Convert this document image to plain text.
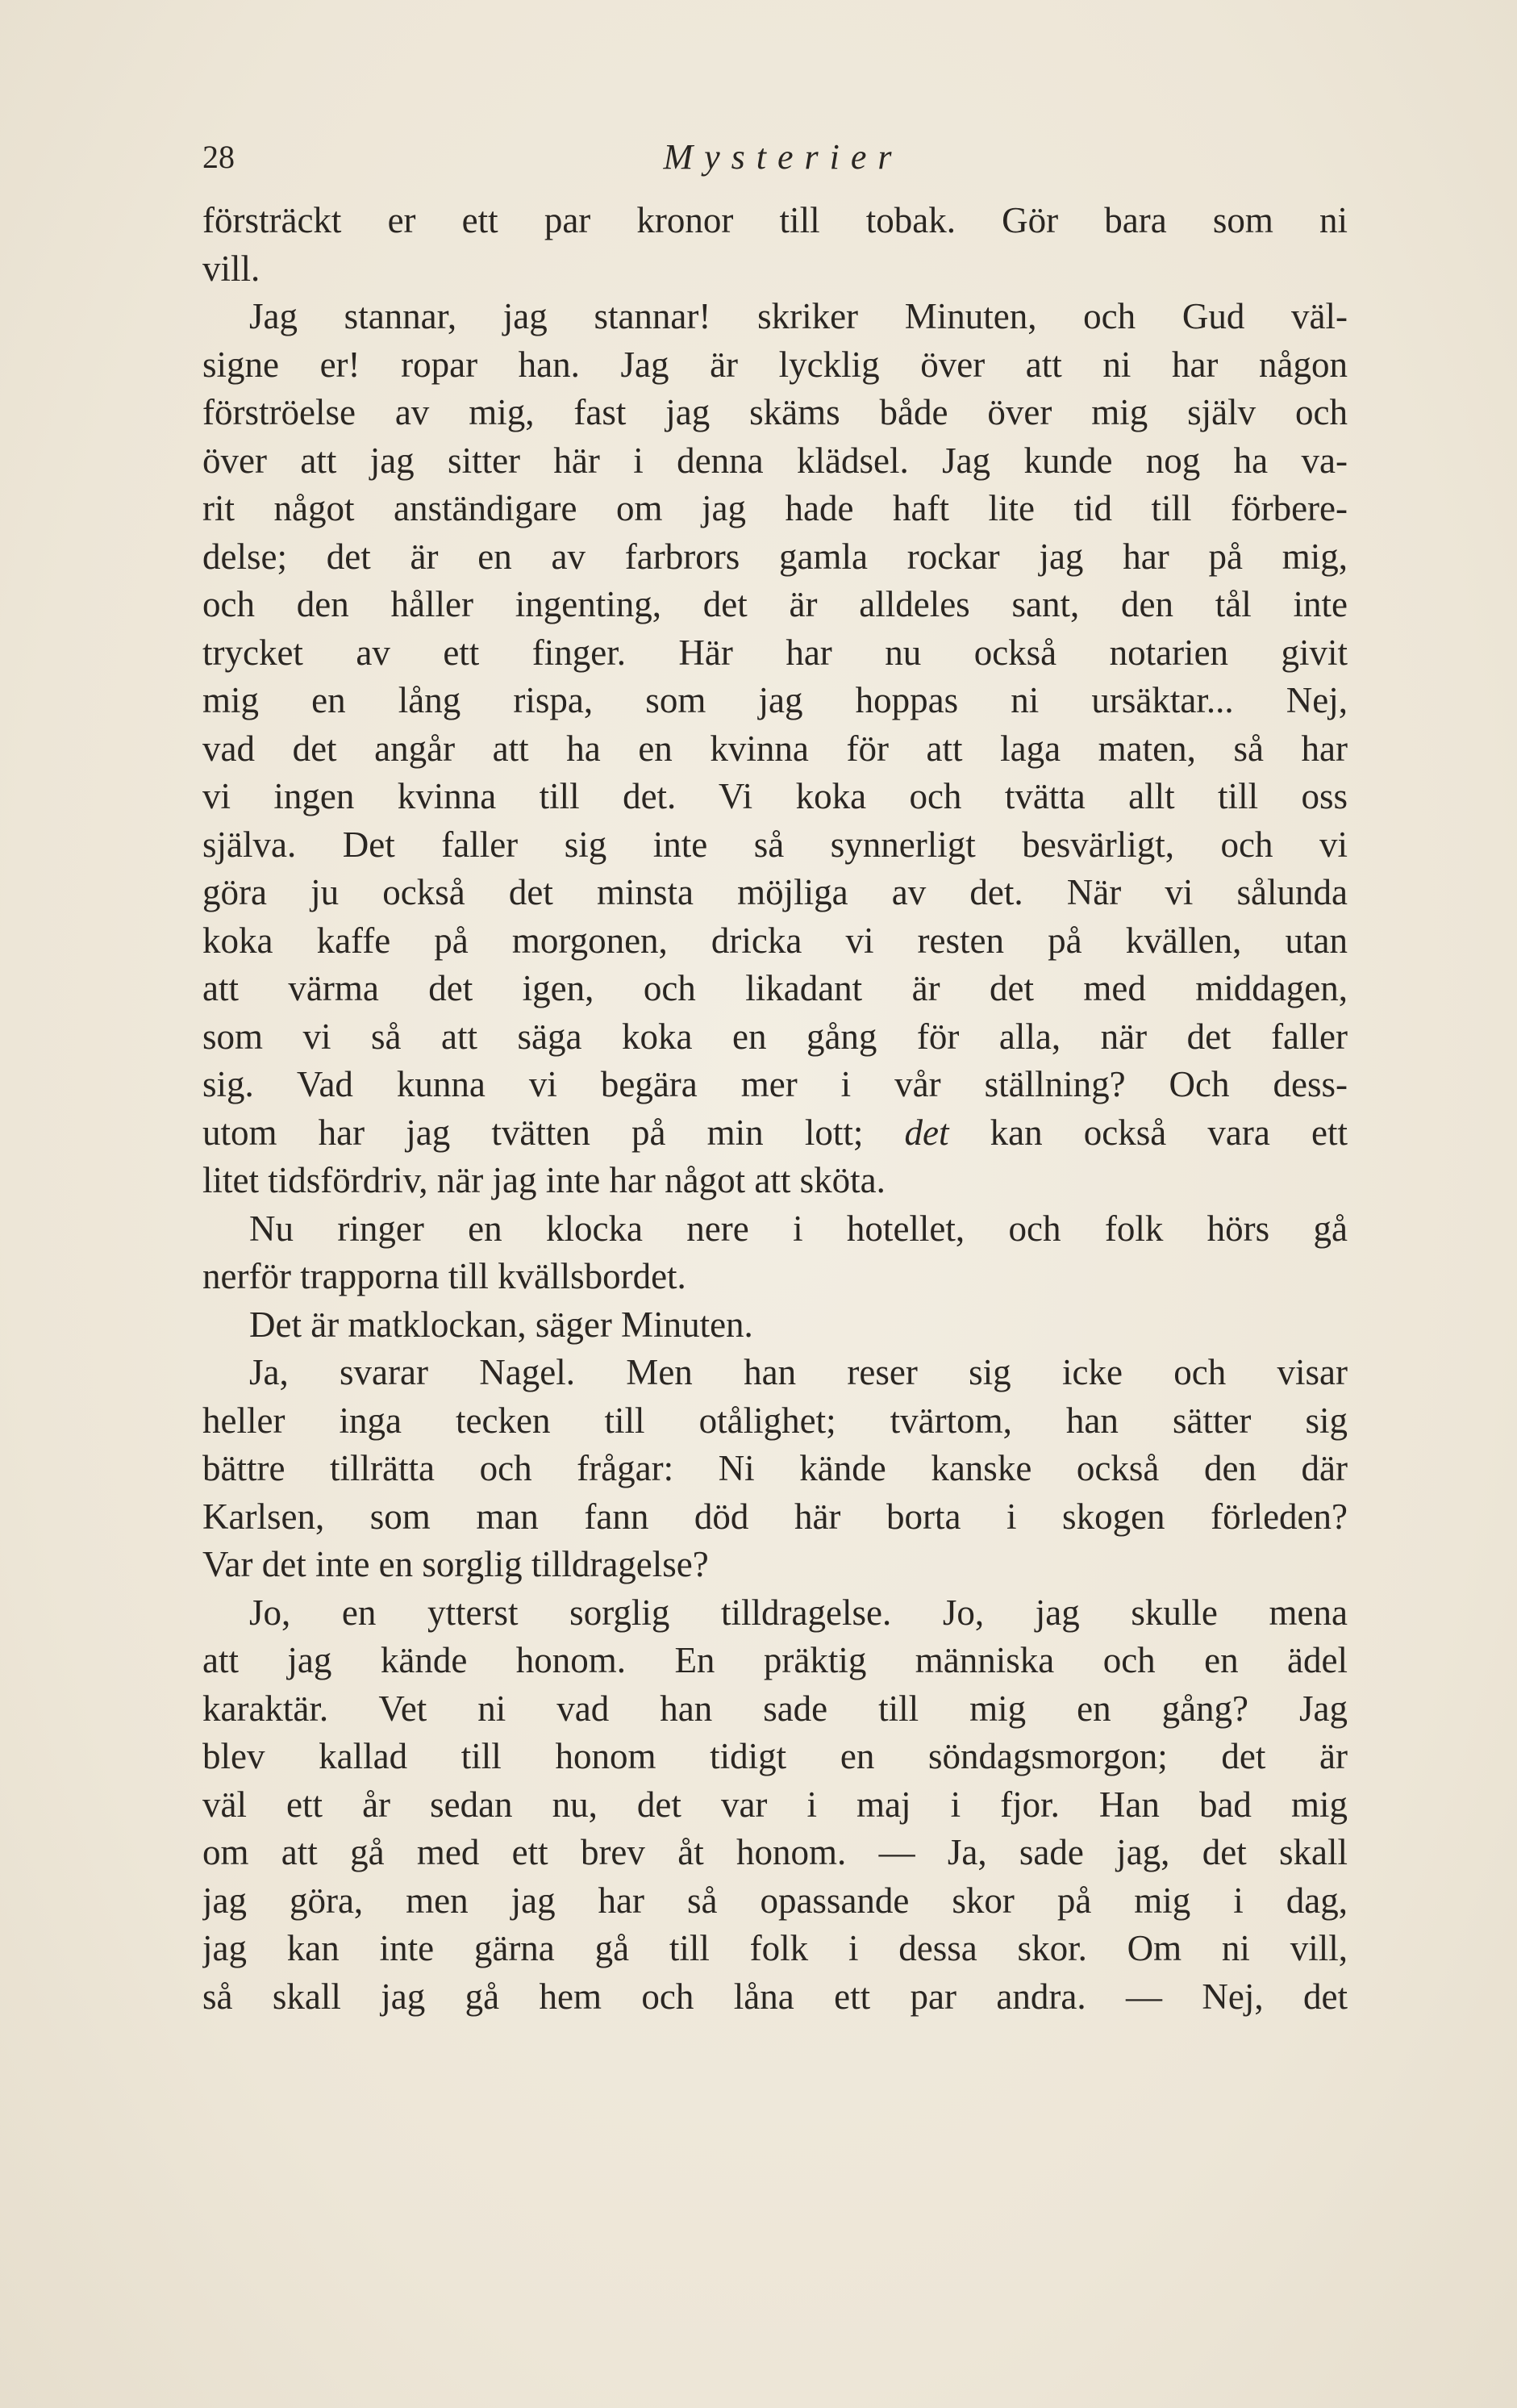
28	Mysterier
försträckt er ett par kronor till tobak. Gör bara som ni
vill.
Jag stannar, jag stannar! skriker Minuten, och Gud väl-
signe er! ropar han. Jag är lycklig över att ni har någon
förströelse av mig, fast jag skäms både över mig själv och
över att jag sitter här i denna klädsel. Jag kunde nog ha va-
rit något anständigare om jag hade haft lite tid till förbere-
delse; det är en av farbrors gamla rockar jag har på mig,
och den håller ingenting, det är alldeles sant, den tål inte
trycket av ett finger. Här har nu också notarien givit
mig en lång rispa, som jag hoppas ni ursäktar... Nej,
vad det angår att ha en kvinna för att laga maten, så har
vi ingen kvinna till det. Vi koka och tvätta allt till oss
själva. Det faller sig inte så synnerligt besvärligt, och vi
göra ju också det minsta möjliga av det. När vi sålunda
koka kaffe på morgonen, dricka vi resten på kvällen, utan
att värma det igen, och likadant är det med middagen,
som vi så att säga koka en gång för alla, när det faller
sig. Vad kunna vi begära mer i vår ställning? Och dess-
utom har jag tvätten på min lott; det kan också vara ett
litet tidsfördriv, när jag inte har något att sköta.
Nu ringer en klocka nere i hotellet, och folk hörs gå
nerför trapporna till kvällsbordet.
Det är matklockan, säger Minuten.
Ja, svarar Nagel. Men han reser sig icke och visar
heller inga tecken till otålighet; tvärtom, han sätter sig
bättre tillrätta och frågar: Ni kände kanske också den där
Karlsen, som man fann död här borta i skogen förleden?
Var det inte en sorglig tilldragelse?
Jo, en ytterst sorglig tilldragelse. Jo, jag skulle mena
att jag kände honom. En präktig människa och en ädel
karaktär. Vet ni vad han sade till mig en gång? Jag
blev kallad till honom tidigt en söndagsmorgon; det är
väl ett år sedan nu, det var i maj i fjor. Han bad mig
om att gå med ett brev åt honom. — Ja, sade jag, det skall
jag göra, men jag har så opassande skor på mig i dag,
jag kan inte gärna gå till folk i dessa skor. Om ni vill,
så skall jag gå hem och låna ett par andra. — Nej, det
